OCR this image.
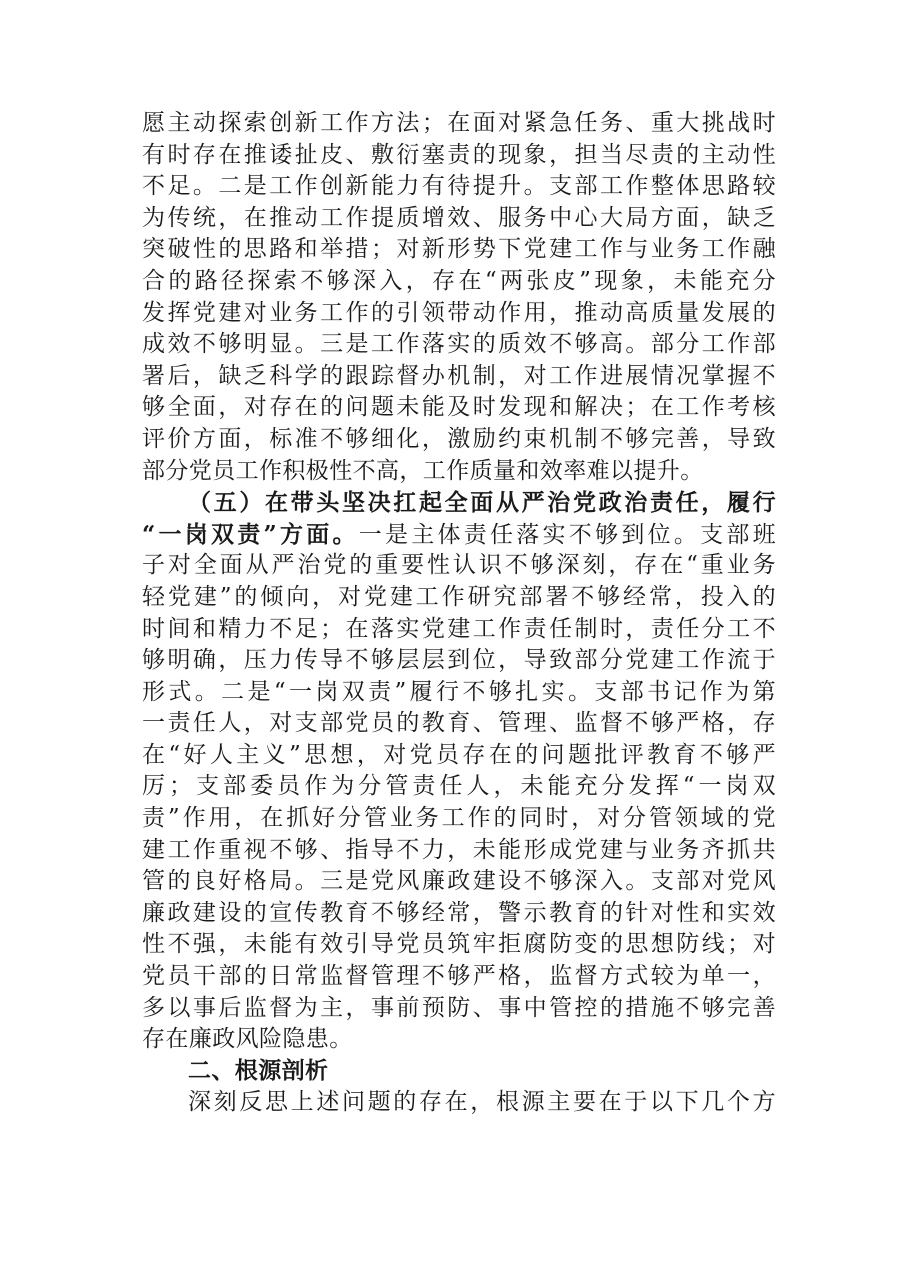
愿主动探索创新工作方法；在面对紧急任务、重大挑战时
有时存在推诿扯皮、敷衍塞责的现象，担当尽责的主动性
不足。二是工作创新能力有待提升。支部工作整体思路较
为传统，在推动工作提质增效、服务中心大局方面，缺乏
突破性的思路和举措；对新形势下党建工作与业务工作融
合的路径探索不够深入，存在“两张皮”现象，未能充分
发挥党建对业务工作的引领带动作用，推动高质量发展的
成效不够明显。三是工作落实的质效不够高。部分工作部
署后，缺乏科学的跟踪督办机制，对工作进展情况掌握不
够全面，对存在的问题未能及时发现和解决；在工作考核
评价方面，标准不够细化，激励约束机制不够完善，导致
部分党员工作积极性不高，工作质量和效率难以提升。
（五）在带头坚决扛起全面从严治党政治责任，履行
“一岗双责”方面。一是主体责任落实不够到位。支部班
子对全面从严治党的重要性认识不够深刻，存在“重业务
轻党建”的倾向，对党建工作研究部署不够经常，投入的
时间和精力不足；在落实党建工作责任制时，责任分工不
够明确，压力传导不够层层到位，导致部分党建工作流于
形式。二是“一岗双责”履行不够扎实。支部书记作为第
一责任人，对支部党员的教育、管理、监督不够严格，存
在“好人主义”思想，对党员存在的问题批评教育不够严
厉；支部委员作为分管责任人，未能充分发挥“一岗双
责”作用，在抓好分管业务工作的同时，对分管领域的党
建工作重视不够、指导不力，未能形成党建与业务齐抓共
管的良好格局。三是党风廉政建设不够深入。支部对党风
廉政建设的宣传教育不够经常，警示教育的针对性和实效
性不强，未能有效引导党员筑牢拒腐防变的思想防线；对
党员干部的日常监督管理不够严格，监督方式较为单一，
多以事后监督为主，事前预防、事中管控的措施不够完善
存在廉政风险隐患。
二、根源剖析
深刻反思上述问题的存在，根源主要在于以下几个方
